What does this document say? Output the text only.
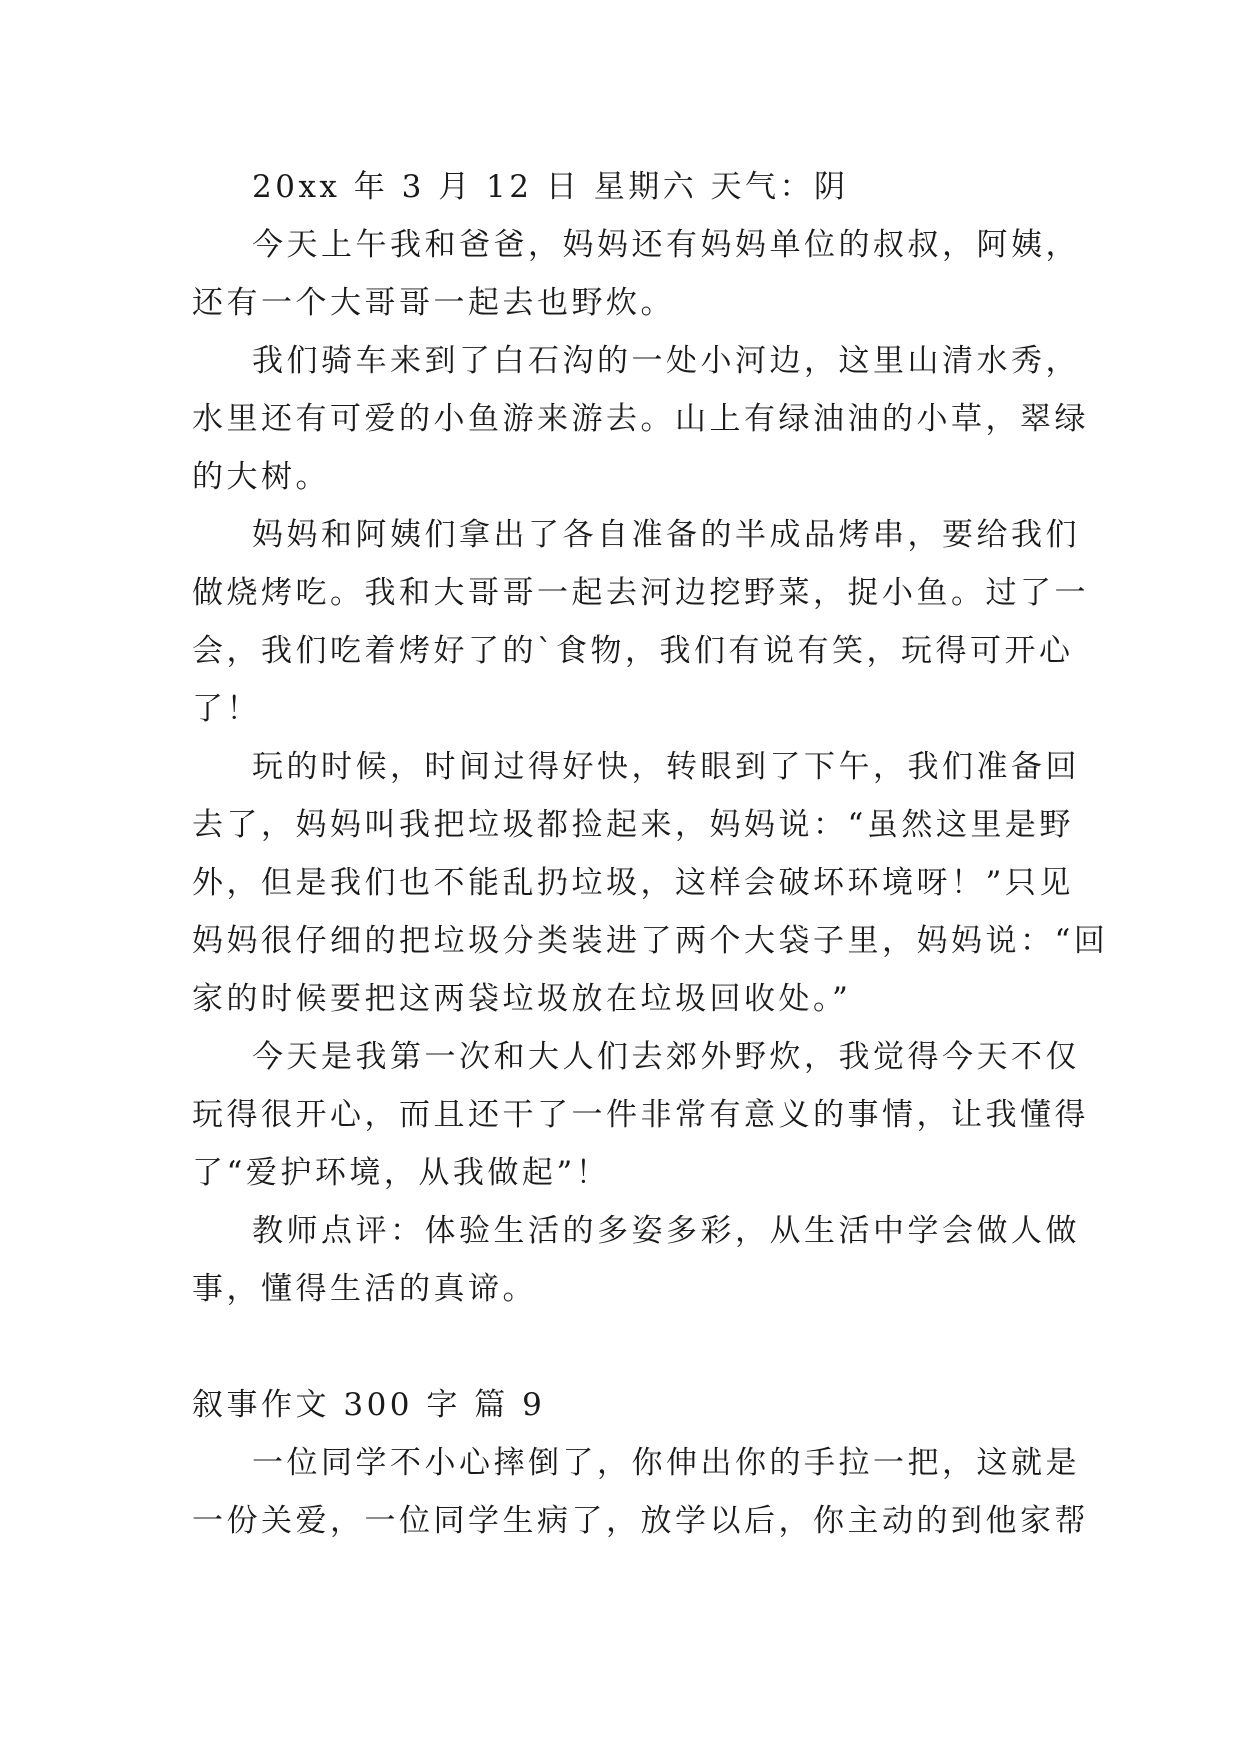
20xx 年 3 月 12 日 星期六 天气：阴
今天上午我和爸爸，妈妈还有妈妈单位的叔叔，阿姨，
还有一个大哥哥一起去也野炊。
我们骑车来到了白石沟的一处小河边，这里山清水秀，
水里还有可爱的小鱼游来游去。山上有绿油油的小草，翠绿
的大树。
妈妈和阿姨们拿出了各自准备的半成品烤串，要给我们
做烧烤吃。我和大哥哥一起去河边挖野菜，捉小鱼。过了一
会，我们吃着烤好了的`食物，我们有说有笑，玩得可开心
了！
玩的时候，时间过得好快，转眼到了下午，我们准备回
去了，妈妈叫我把垃圾都捡起来，妈妈说：“虽然这里是野
外，但是我们也不能乱扔垃圾，这样会破坏环境呀！”只见
妈妈很仔细的把垃圾分类装进了两个大袋子里，妈妈说：“回
家的时候要把这两袋垃圾放在垃圾回收处。”
今天是我第一次和大人们去郊外野炊，我觉得今天不仅
玩得很开心，而且还干了一件非常有意义的事情，让我懂得
了“爱护环境，从我做起”！
教师点评：体验生活的多姿多彩，从生活中学会做人做
事，懂得生活的真谛。
叙事作文 300 字 篇 9
一位同学不小心摔倒了，你伸出你的手拉一把，这就是
一份关爱，一位同学生病了，放学以后，你主动的到他家帮
